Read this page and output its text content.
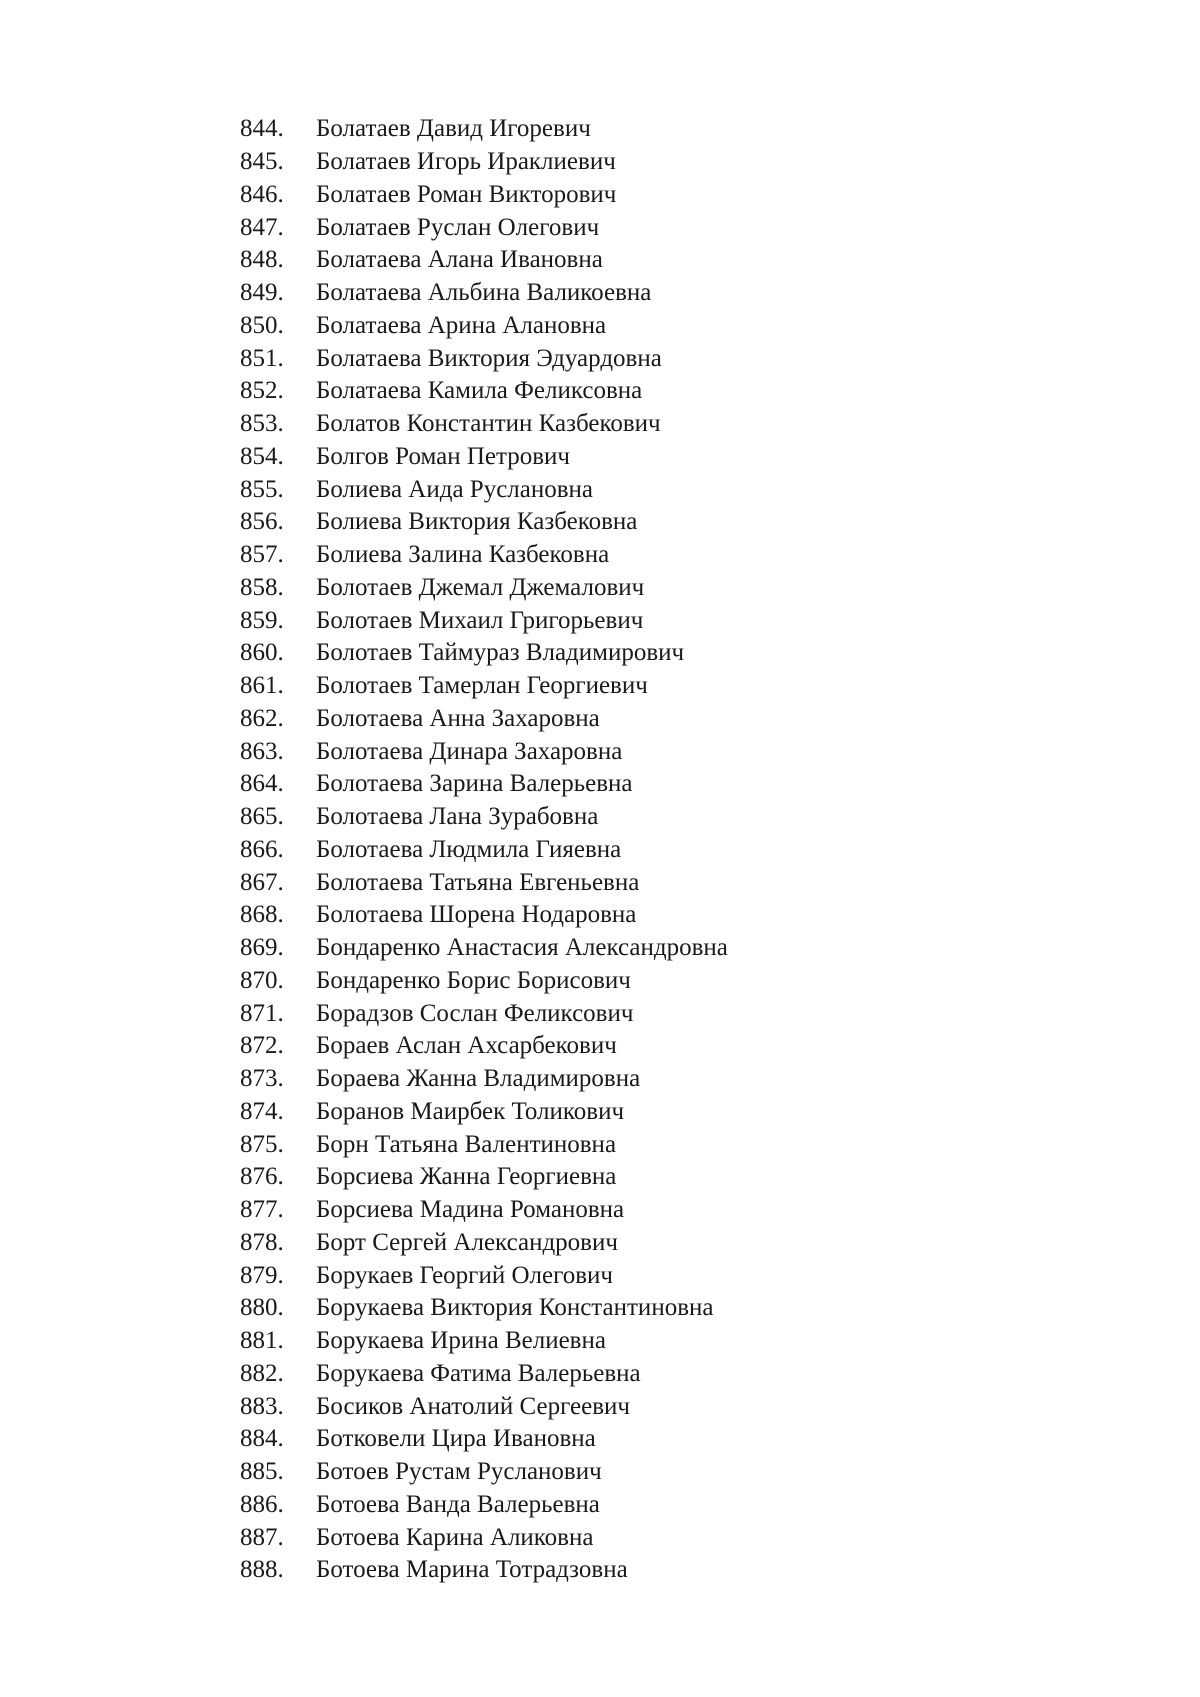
844.	Болатаев Давид Игоревич
845.	Болатаев Игорь Ираклиевич
846.	Болатаев Роман Викторович
847.	Болатаев Руслан Олегович
848.	Болатаева Алана Ивановна
849.	Болатаева Альбина Валикоевна
850.	Болатаева Арина Алановна
851.	Болатаева Виктория Эдуардовна
852.	Болатаева Камила Феликсовна
853.	Болатов Константин Казбекович
854.	Болгов Роман Петрович
855.	Болиева Аида Руслановна
856.	Болиева Виктория Казбековна
857.	Болиева Залина Казбековна
858.	Болотаев Джемал Джемалович
859.	Болотаев Михаил Григорьевич
860.	Болотаев Таймураз Владимирович
861.	Болотаев Тамерлан Георгиевич
862.	Болотаева Анна Захаровна
863.	Болотаева Динара Захаровна
864.	Болотаева Зарина Валерьевна
865.	Болотаева Лана Зурабовна
866.	Болотаева Людмила Гияевна
867.	Болотаева Татьяна Евгеньевна
868.	Болотаева Шорена Нодаровна
869.	Бондаренко Анастасия Александровна
870.	Бондаренко Борис Борисович
871.	Борадзов Сослан Феликсович
872.	Бораев Аслан Ахсарбекович
873.	Бораева Жанна Владимировна
874.	Боранов Маирбек Толикович
875.	Борн Татьяна Валентиновна
876.	Борсиева Жанна Георгиевна
877.	Борсиева Мадина Романовна
878.	Борт Сергей Александрович
879.	Борукаев Георгий Олегович
880.	Борукаева Виктория Константиновна
881.	Борукаева Ирина Велиевна
882.	Борукаева Фатима Валерьевна
883.	Босиков Анатолий Сергеевич
884.	Ботковели Цира Ивановна
885.	Ботоев Рустам Русланович
886.	Ботоева Ванда Валерьевна
887.	Ботоева Карина Аликовна
888.	Ботоева Марина Тотрадзовна
